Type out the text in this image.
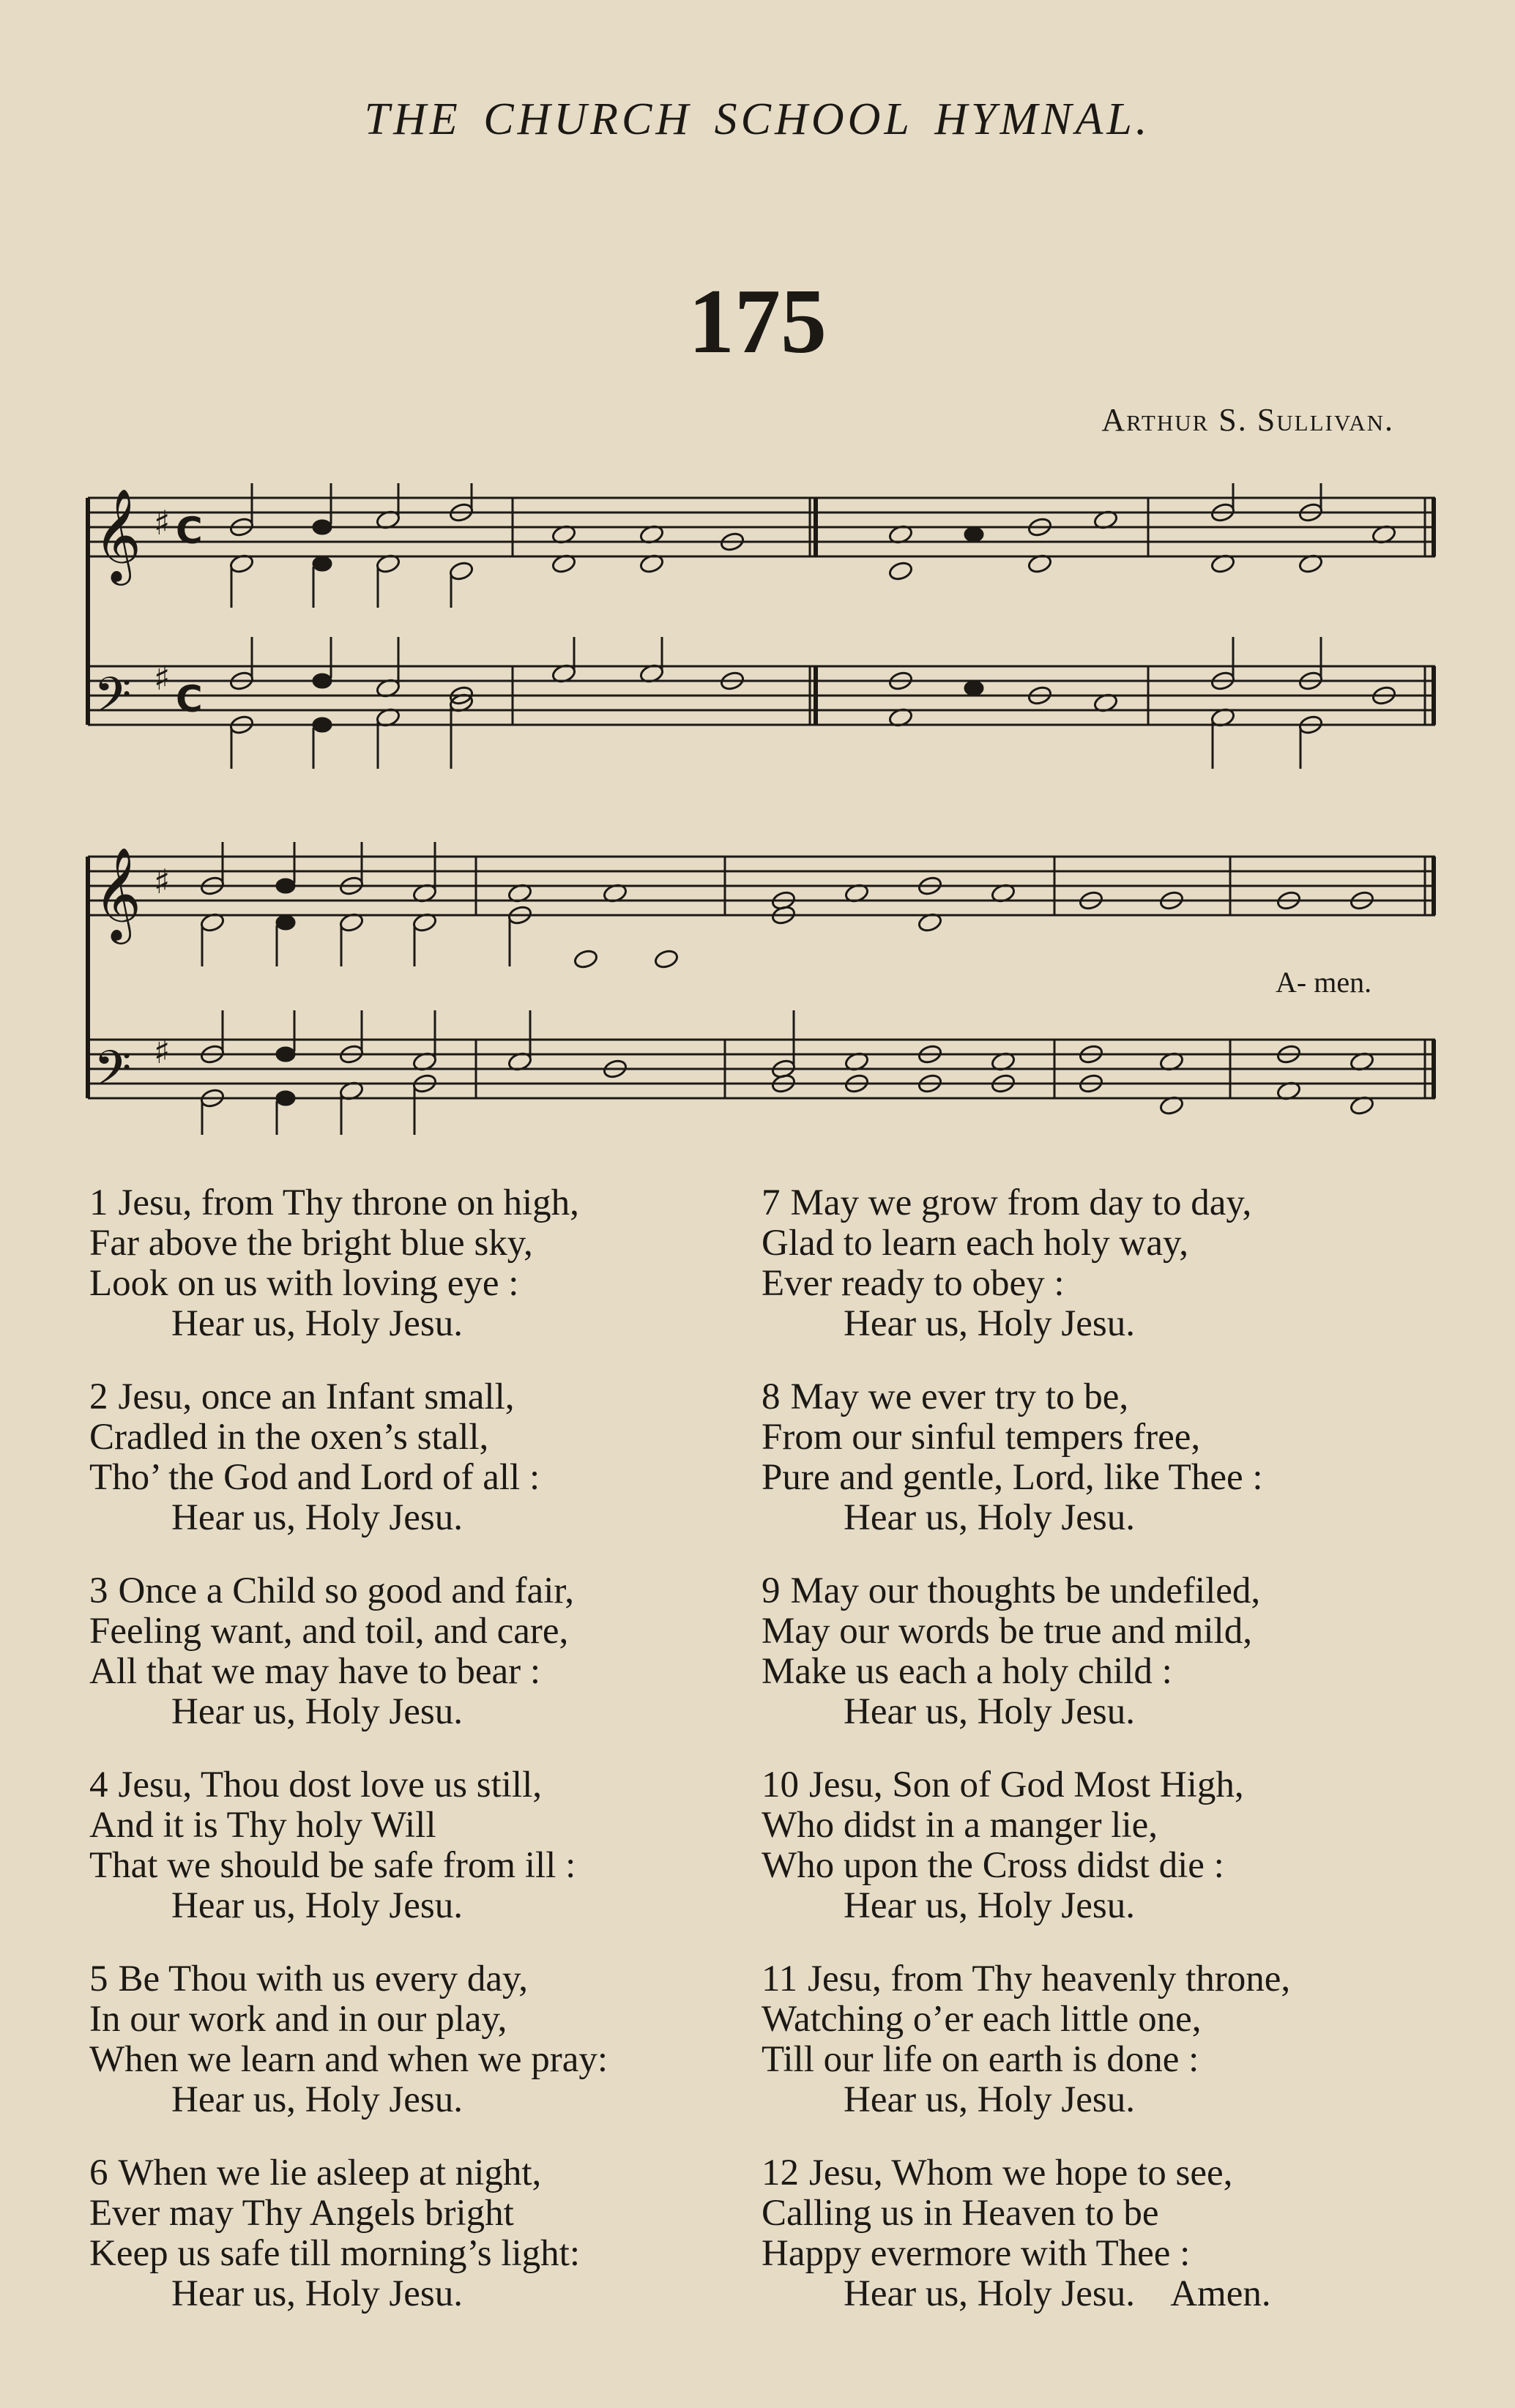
THE CHURCH SCHOOL HYMNAL.
175
Arthur S. Sullivan.
𝄞
𝄢
♯
♯
C
C
𝄞
𝄢
♯
♯
A- men.
1 Jesu, from Thy throne on high,
Far above the bright blue sky,
Look on us with loving eye :
Hear us, Holy Jesu.
2 Jesu, once an Infant small,
Cradled in the oxen’s stall,
Tho’ the God and Lord of all :
Hear us, Holy Jesu.
3 Once a Child so good and fair,
Feeling want, and toil, and care,
All that we may have to bear :
Hear us, Holy Jesu.
4 Jesu, Thou dost love us still,
And it is Thy holy Will
That we should be safe from ill :
Hear us, Holy Jesu.
5 Be Thou with us every day,
In our work and in our play,
When we learn and when we pray:
Hear us, Holy Jesu.
6 When we lie asleep at night,
Ever may Thy Angels bright
Keep us safe till morning’s light:
Hear us, Holy Jesu.
7 May we grow from day to day,
Glad to learn each holy way,
Ever ready to obey :
Hear us, Holy Jesu.
8 May we ever try to be,
From our sinful tempers free,
Pure and gentle, Lord, like Thee :
Hear us, Holy Jesu.
9 May our thoughts be undefiled,
May our words be true and mild,
Make us each a holy child :
Hear us, Holy Jesu.
10 Jesu, Son of God Most High,
Who didst in a manger lie,
Who upon the Cross didst die :
Hear us, Holy Jesu.
11 Jesu, from Thy heavenly throne,
Watching o’er each little one,
Till our life on earth is done :
Hear us, Holy Jesu.
12 Jesu, Whom we hope to see,
Calling us in Heaven to be
Happy evermore with Thee :
Hear us, Holy Jesu.    Amen.
